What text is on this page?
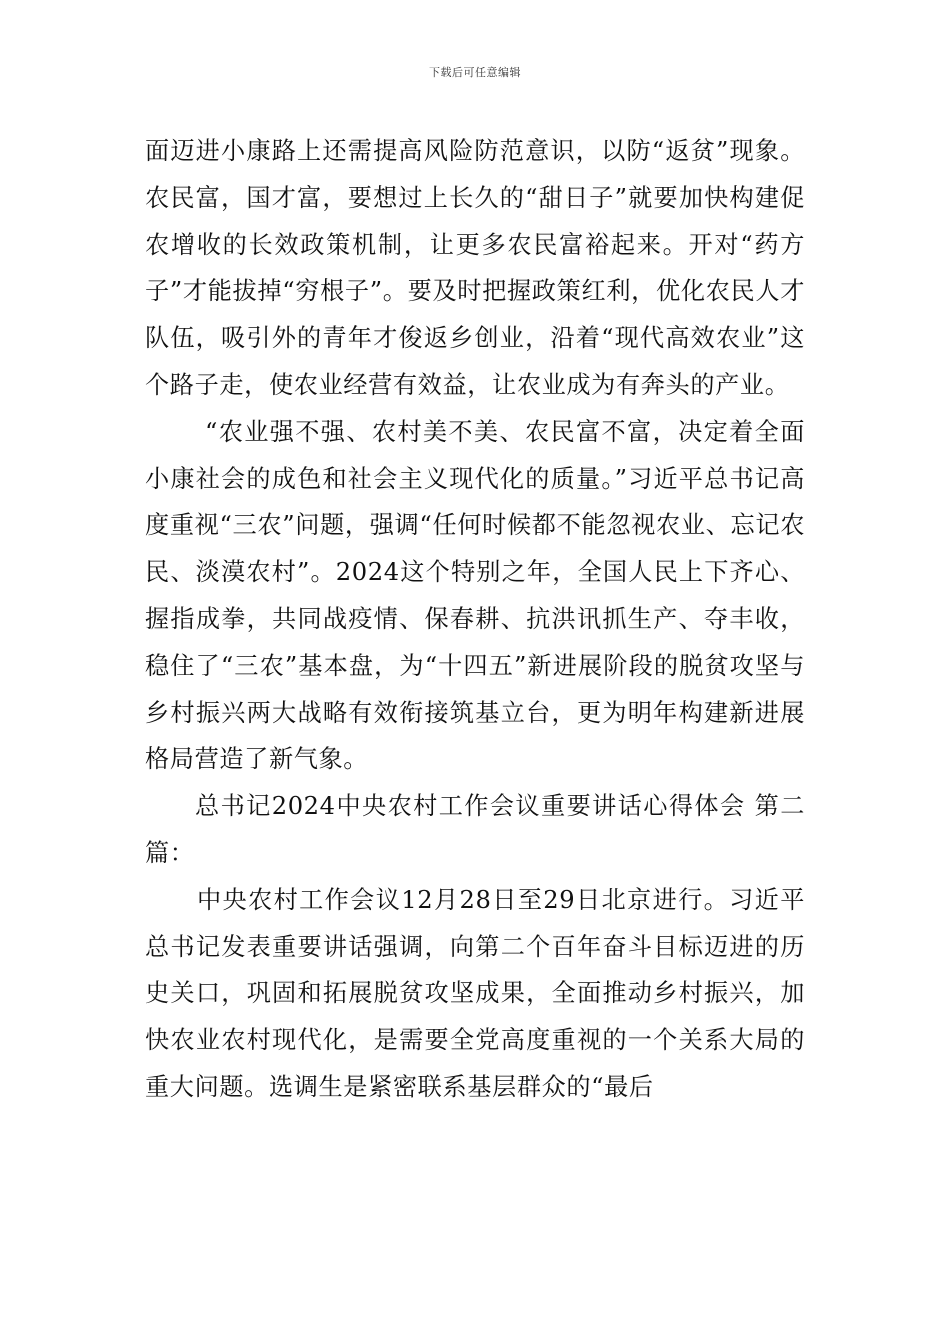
下载后可任意编辑

面迈进小康路上还需提高风险防范意识，以防“返贫”现象。农民富，国才富，要想过上长久的“甜日子”就要加快构建促农增收的长效政策机制，让更多农民富裕起来。开对“药方子”才能拔掉“穷根子”。要及时把握政策红利，优化农民人才队伍，吸引外的青年才俊返乡创业，沿着“现代高效农业”这个路子走，使农业经营有效益，让农业成为有奔头的产业。

“农业强不强、农村美不美、农民富不富，决定着全面小康社会的成色和社会主义现代化的质量。”习近平总书记高度重视“三农”问题，强调“任何时候都不能忽视农业、忘记农民、淡漠农村”。2024这个特别之年，全国人民上下齐心、握指成拳，共同战疫情、保春耕、抗洪讯抓生产、夺丰收，稳住了“三农”基本盘，为“十四五”新进展阶段的脱贫攻坚与乡村振兴两大战略有效衔接筑基立台，更为明年构建新进展格局营造了新气象。

总书记2024中央农村工作会议重要讲话心得体会 第二篇：

中央农村工作会议12月28日至29日北京进行。习近平总书记发表重要讲话强调，向第二个百年奋斗目标迈进的历史关口，巩固和拓展脱贫攻坚成果，全面推动乡村振兴，加快农业农村现代化，是需要全党高度重视的一个关系大局的重大问题。选调生是紧密联系基层群众的“最后
